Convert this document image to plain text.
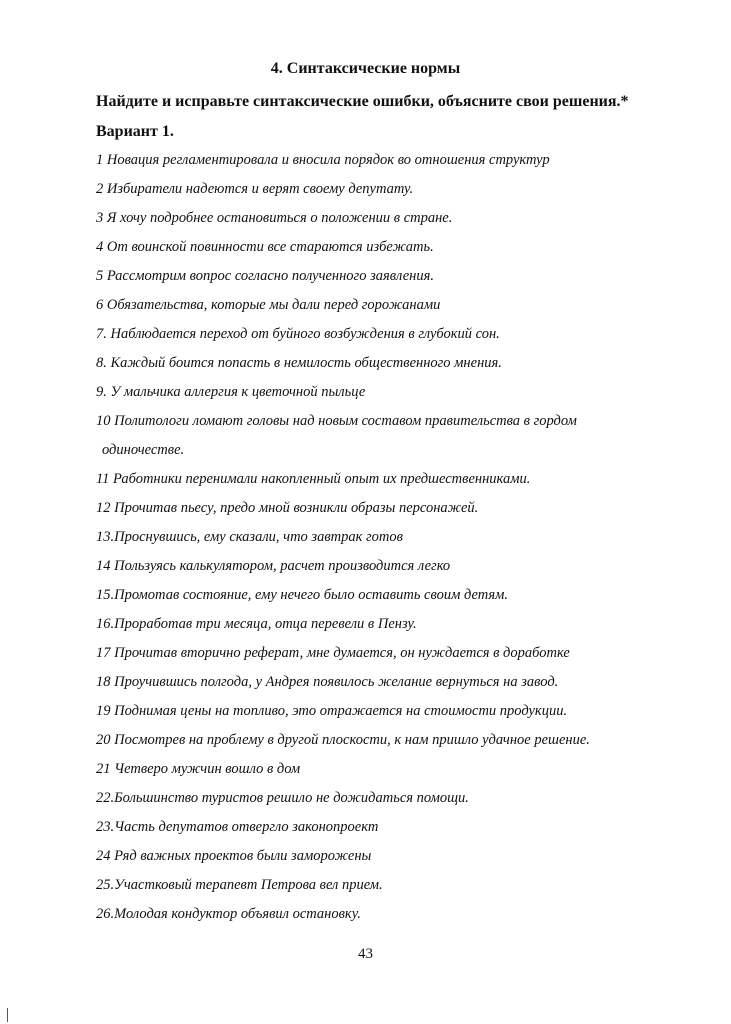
4. Синтаксические нормы
Найдите и исправьте синтаксические ошибки, объясните свои решения.*
Вариант 1.
1 Новация регламентировала и вносила порядок во отношения структур
2 Избиратели надеются и верят своему депутату.
3 Я хочу подробнее остановиться о положении в стране.
4 От воинской повинности все стараются избежать.
5 Рассмотрим вопрос согласно полученного заявления.
6 Обязательства, которые мы дали перед горожанами
7. Наблюдается переход от буйного возбуждения в глубокий сон.
8. Каждый боится попасть в немилость общественного мнения.
9. У мальчика аллергия к цветочной пыльце
10 Политологи ломают головы над новым составом правительства в гордом
одиночестве.
11 Работники перенимали накопленный опыт их предшественниками.
12 Прочитав пьесу, предо мной возникли образы персонажей.
13.Проснувшись, ему сказали, что завтрак готов
14 Пользуясь калькулятором, расчет производится легко
15.Промотав состояние, ему нечего было оставить своим детям.
16.Проработав три месяца, отца перевели в Пензу.
17 Прочитав вторично реферат, мне думается, он нуждается в доработке
18 Проучившись полгода, у Андрея появилось желание вернуться на завод.
19 Поднимая цены на топливо, это отражается на стоимости продукции.
20 Посмотрев на проблему в другой плоскости, к нам пришло удачное решение.
21 Четверо мужчин вошло в дом
22.Большинство туристов решило не дожидаться помощи.
23.Часть депутатов отвергло законопроект
24 Ряд важных проектов были заморожены
25.Участковый терапевт Петрова вел прием.
26.Молодая кондуктор объявил остановку.
43
